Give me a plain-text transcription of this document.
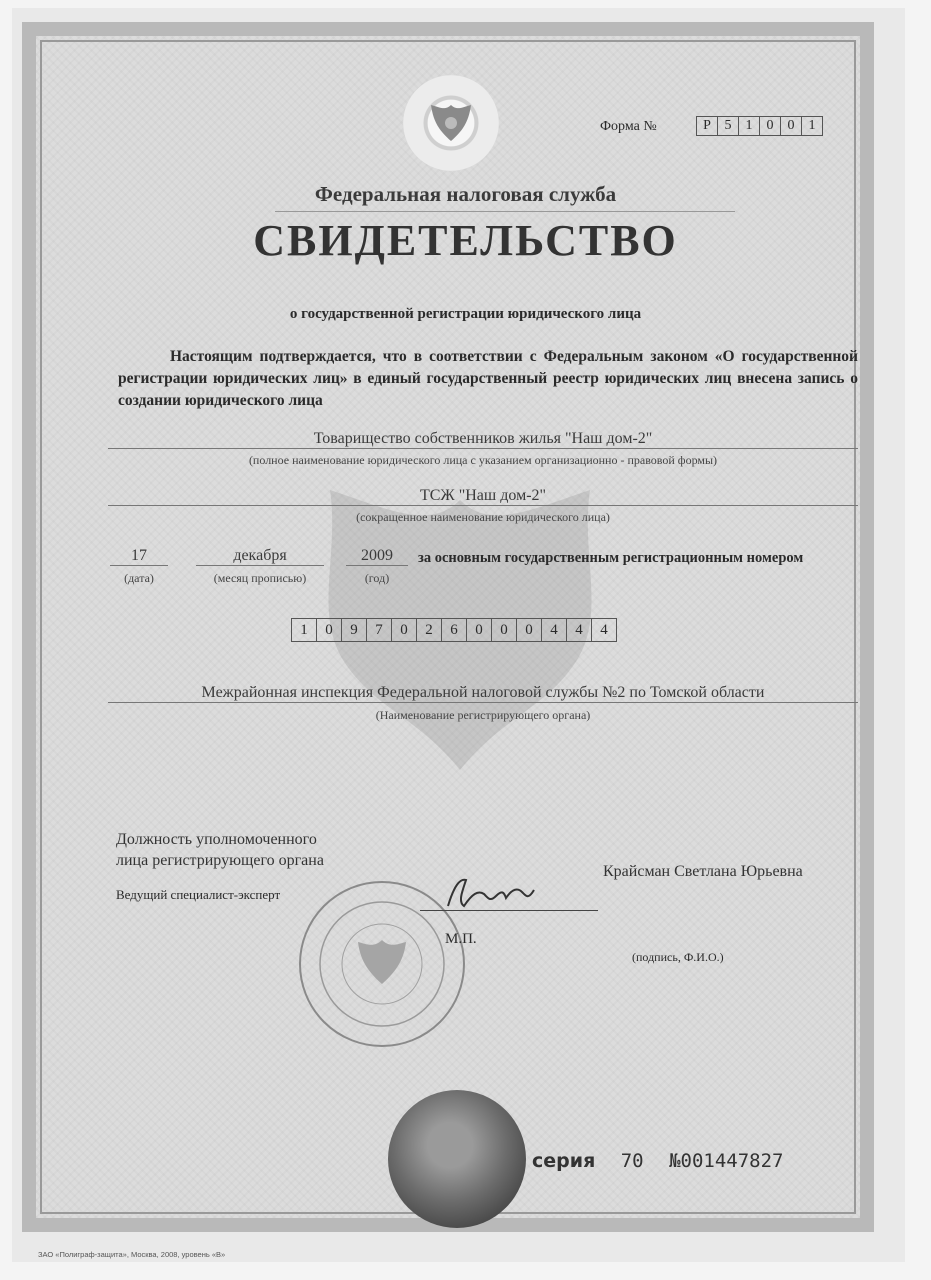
Форма №	Р 5	1	0	0	1
Федеральная налоговая служба
СВИДЕТЕЛЬСТВО
о государственной регистрации юридического лица
Настоящим подтверждается, что в соответствии с Федеральным законом «О государственной регистрации юридических лиц» в единый государственный реестр юридических лиц внесена запись о создании юридического лица
Товарищество собственников жилья "Наш дом-2"
(полное наименование юридического лица с указанием организационно - правовой формы)
ТСЖ "Наш дом-2"
(сокращенное наименование юридического лица)
17
(дата)
декабря
(месяц прописью)
2009
(год)
за основным государственным регистрационным номером
1	0	9	7	0	2	6	0	0	0	4	4	4
Межрайонная инспекция Федеральной налоговой службы №2 по Томской области
(Наименование регистрирующего органа)
Должность уполномоченного
лица регистрирующего органа
Ведущий специалист-эксперт
Крайсман Светлана Юрьевна
М.П.
(подпись, Ф.И.О.)
серия 70 №001447827
ЗАО «Полиграф-защита», Москва, 2008, уровень «В»
